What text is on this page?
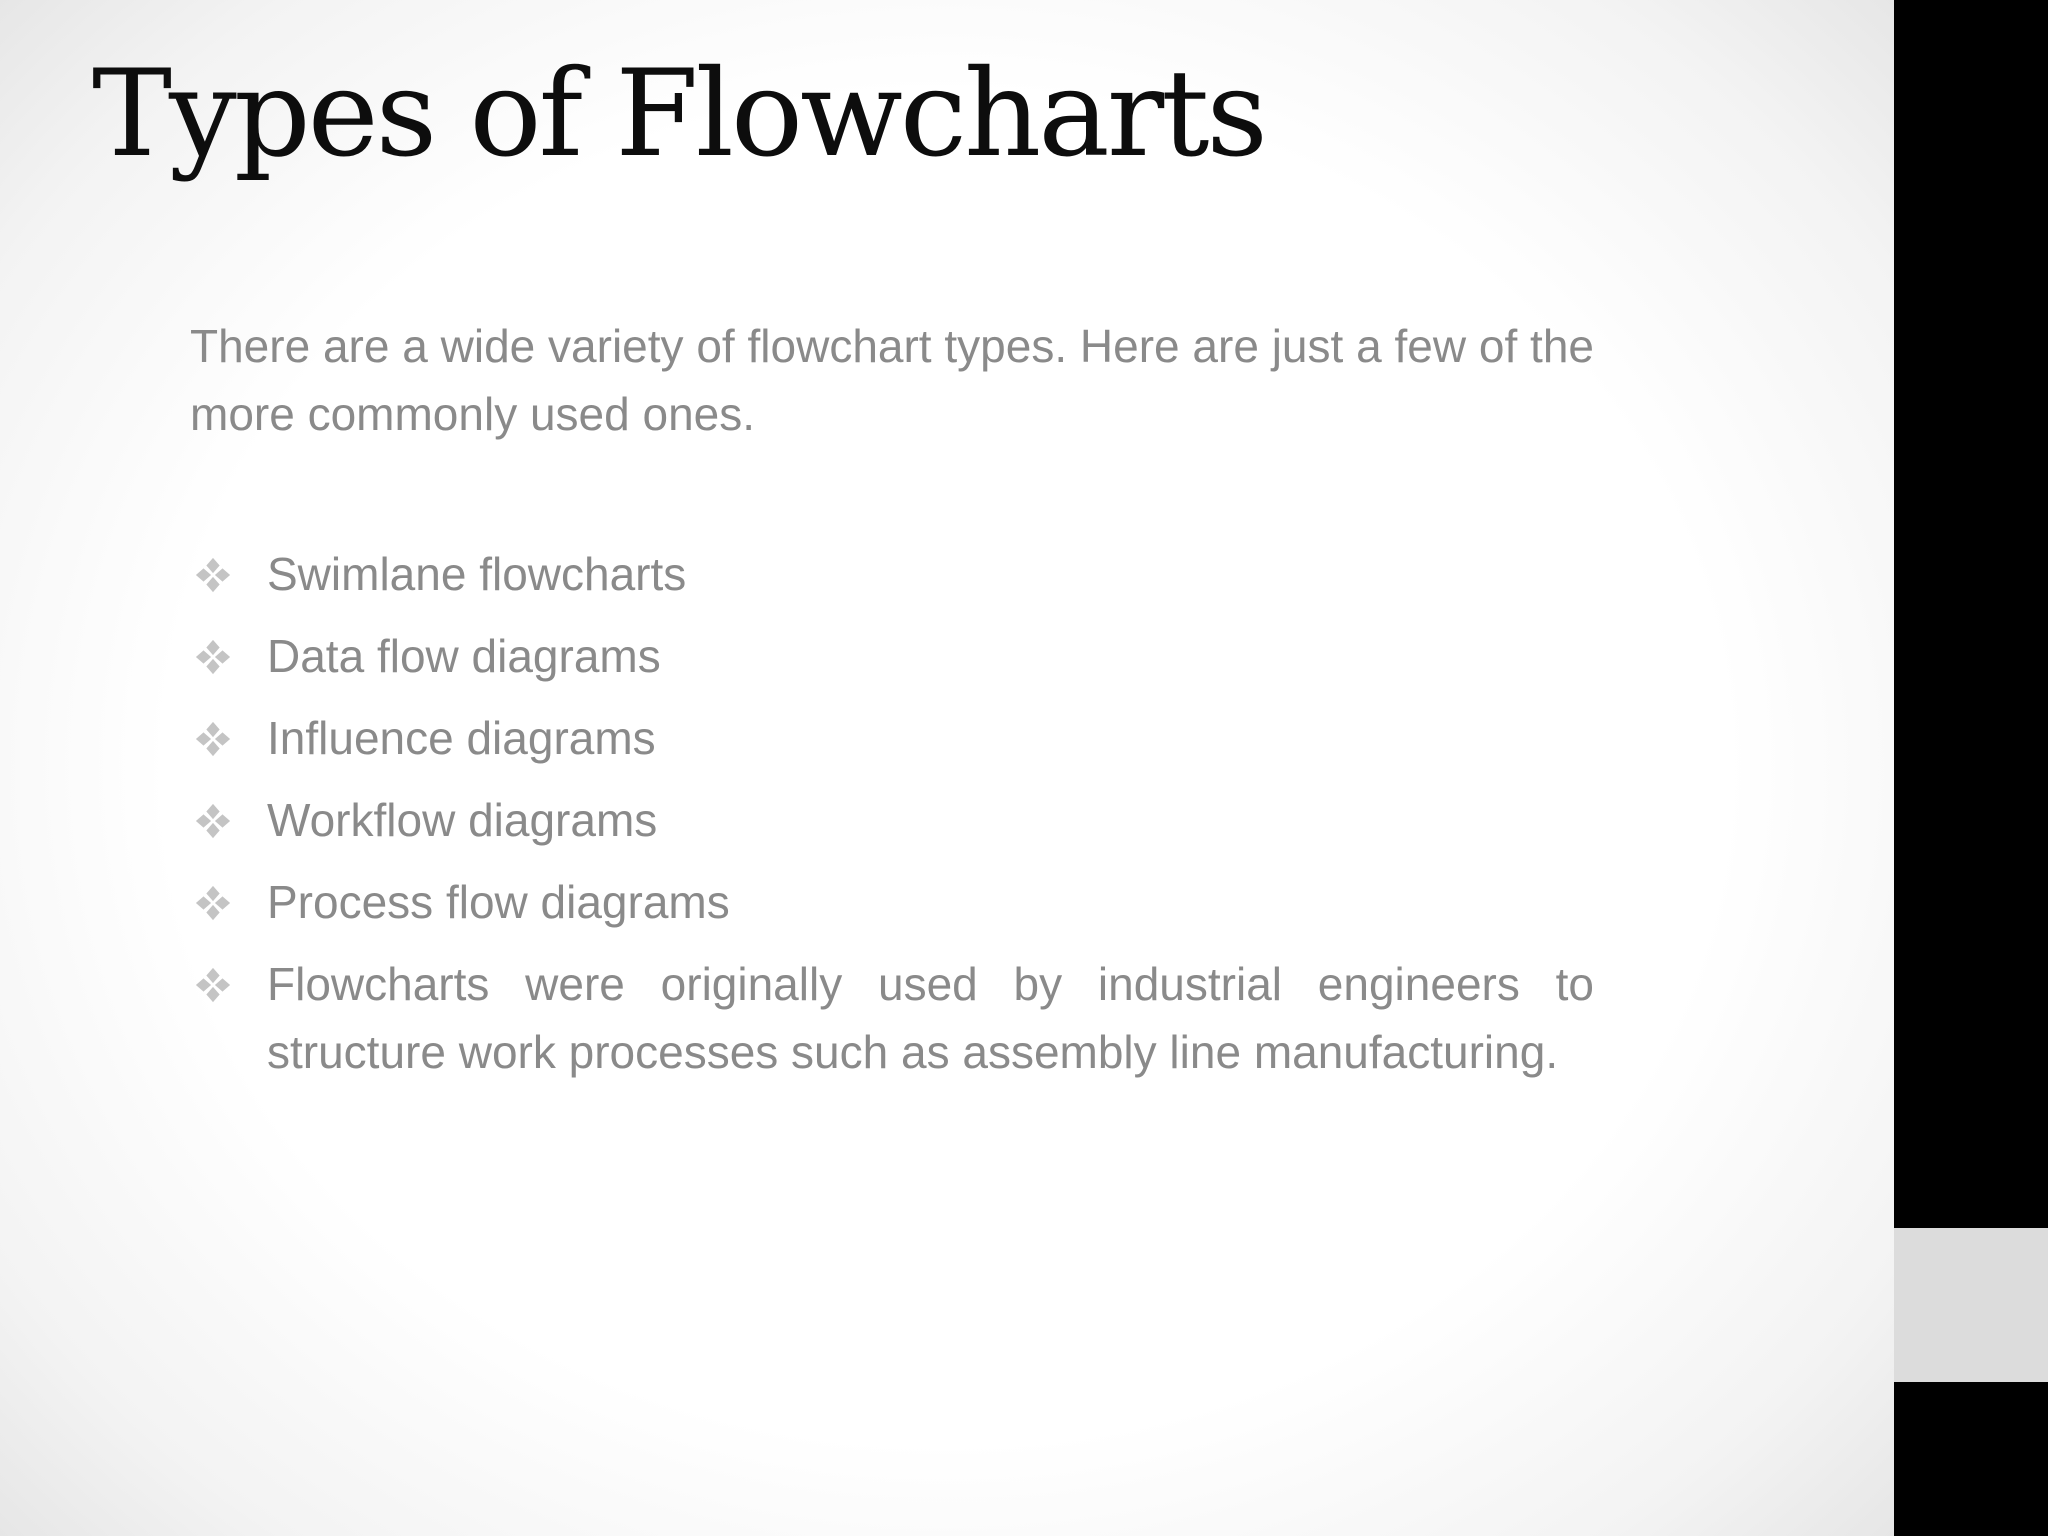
Types of Flowcharts

There are a wide variety of flowchart types. Here are just a few of the more commonly used ones.

Swimlane flowcharts
Data flow diagrams
Influence diagrams
Workflow diagrams
Process flow diagrams
Flowcharts were originally used by industrial engineers to structure work processes such as assembly line manufacturing.
